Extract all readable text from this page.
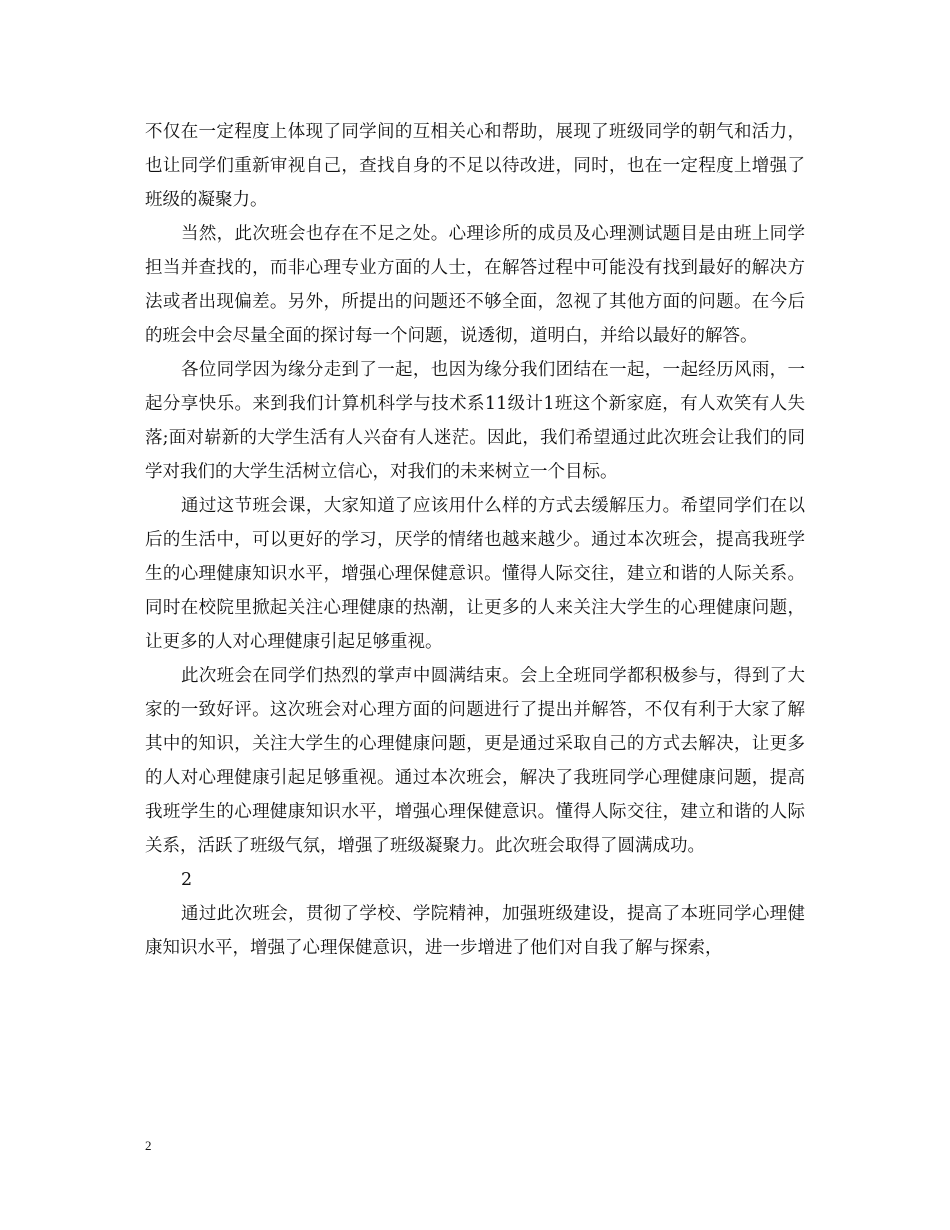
不仅在一定程度上体现了同学间的互相关心和帮助，展现了班级同学的朝气和活力，也让同学们重新审视自己，查找自身的不足以待改进，同时，也在一定程度上增强了班级的凝聚力。

当然，此次班会也存在不足之处。心理诊所的成员及心理测试题目是由班上同学担当并查找的，而非心理专业方面的人士，在解答过程中可能没有找到最好的解决方法或者出现偏差。另外，所提出的问题还不够全面，忽视了其他方面的问题。在今后的班会中会尽量全面的探讨每一个问题，说透彻，道明白，并给以最好的解答。

各位同学因为缘分走到了一起，也因为缘分我们团结在一起，一起经历风雨，一起分享快乐。来到我们计算机科学与技术系11级计1班这个新家庭，有人欢笑有人失落;面对崭新的大学生活有人兴奋有人迷茫。因此，我们希望通过此次班会让我们的同学对我们的大学生活树立信心，对我们的未来树立一个目标。

通过这节班会课，大家知道了应该用什么样的方式去缓解压力。希望同学们在以后的生活中，可以更好的学习，厌学的情绪也越来越少。通过本次班会，提高我班学生的心理健康知识水平，增强心理保健意识。懂得人际交往，建立和谐的人际关系。同时在校院里掀起关注心理健康的热潮，让更多的人来关注大学生的心理健康问题，让更多的人对心理健康引起足够重视。

此次班会在同学们热烈的掌声中圆满结束。会上全班同学都积极参与，得到了大家的一致好评。这次班会对心理方面的问题进行了提出并解答，不仅有利于大家了解其中的知识，关注大学生的心理健康问题，更是通过采取自己的方式去解决，让更多的人对心理健康引起足够重视。通过本次班会，解决了我班同学心理健康问题，提高我班学生的心理健康知识水平，增强心理保健意识。懂得人际交往，建立和谐的人际关系，活跃了班级气氛，增强了班级凝聚力。此次班会取得了圆满成功。

2

通过此次班会，贯彻了学校、学院精神，加强班级建设，提高了本班同学心理健康知识水平，增强了心理保健意识，进一步增进了他们对自我了解与探索，

2
